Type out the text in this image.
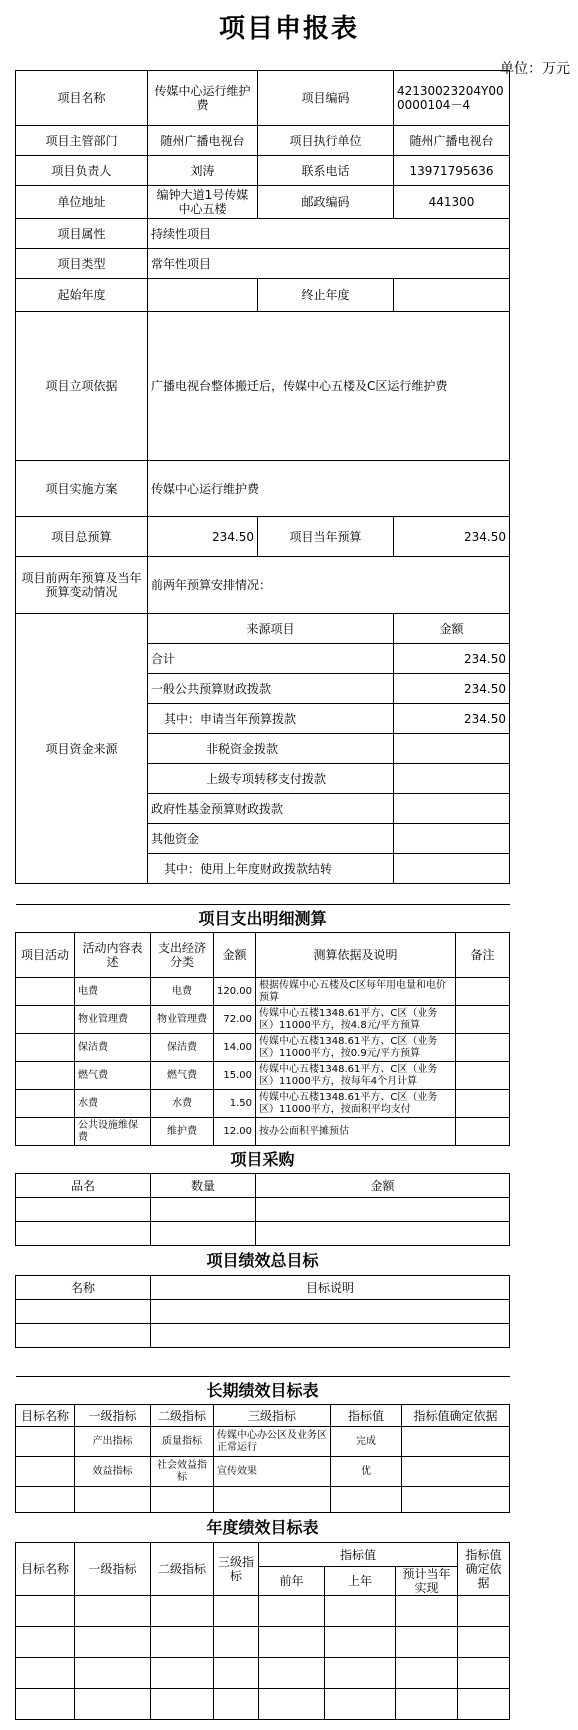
项目申报表
单位：万元
项目名称	传媒中心运行维护费	项目编码	42130023204Y000000104－4
项目主管部门	随州广播电视台	项目执行单位	随州广播电视台
项目负责人	刘涛	联系电话	13971795636
单位地址	编钟大道1号传媒中心五楼	邮政编码	441300
项目属性	持续性项目		
项目类型	常年性项目		
起始年度		终止年度	
项目立项依据	广播电视台整体搬迁后，传媒中心五楼及C区运行维护费		
项目实施方案	传媒中心运行维护费		
项目总预算	234.50	项目当年预算	234.50
项目前两年预算及当年预算变动情况	前两年预算安排情况：		
项目资金来源	来源项目		金额
	合计		234.50
	一般公共预算财政拨款		234.50
	其中：申请当年预算拨款		234.50
	非税资金拨款		
	上级专项转移支付拨款		
	政府性基金预算财政拨款		
	其他资金		
	其中：使用上年度财政拨款结转		
项目支出明细测算					
项目活动	活动内容表述	支出经济分类	金额	测算依据及说明	备注
	电费	电费	120.00	根据传媒中心五楼及C区每年用电量和电价预算	
	物业管理费	物业管理费	72.00	传媒中心五楼1348.61平方、C区（业务区）11000平方，按4.8元/平方预算	
	保洁费	保洁费	14.00	传媒中心五楼1348.61平方、C区（业务区）11000平方，按0.9元/平方预算	
	燃气费	燃气费	15.00	传媒中心五楼1348.61平方、C区（业务区）11000平方，按每年4个月计算	
	水费	水费	1.50	传媒中心五楼1348.61平方、C区（业务区）11000平方，按面积平均支付	
	公共设施维保费	维护费	12.00	按办公面积平摊预估	
项目采购					
品名		数量		金额	

项目绩效总目标					
名称		目标说明			

长期绩效目标表					
目标名称	一级指标	二级指标	三级指标	指标值	指标值确定依据
	产出指标	质量指标	传媒中心办公区及业务区正常运行	完成	
	效益指标	社会效益指标	宣传效果	优	

年度绩效目标表							
目标名称	一级指标	二级指标	三级指标	指标值			指标值确定依据
				前年	上年	预计当年实现	
